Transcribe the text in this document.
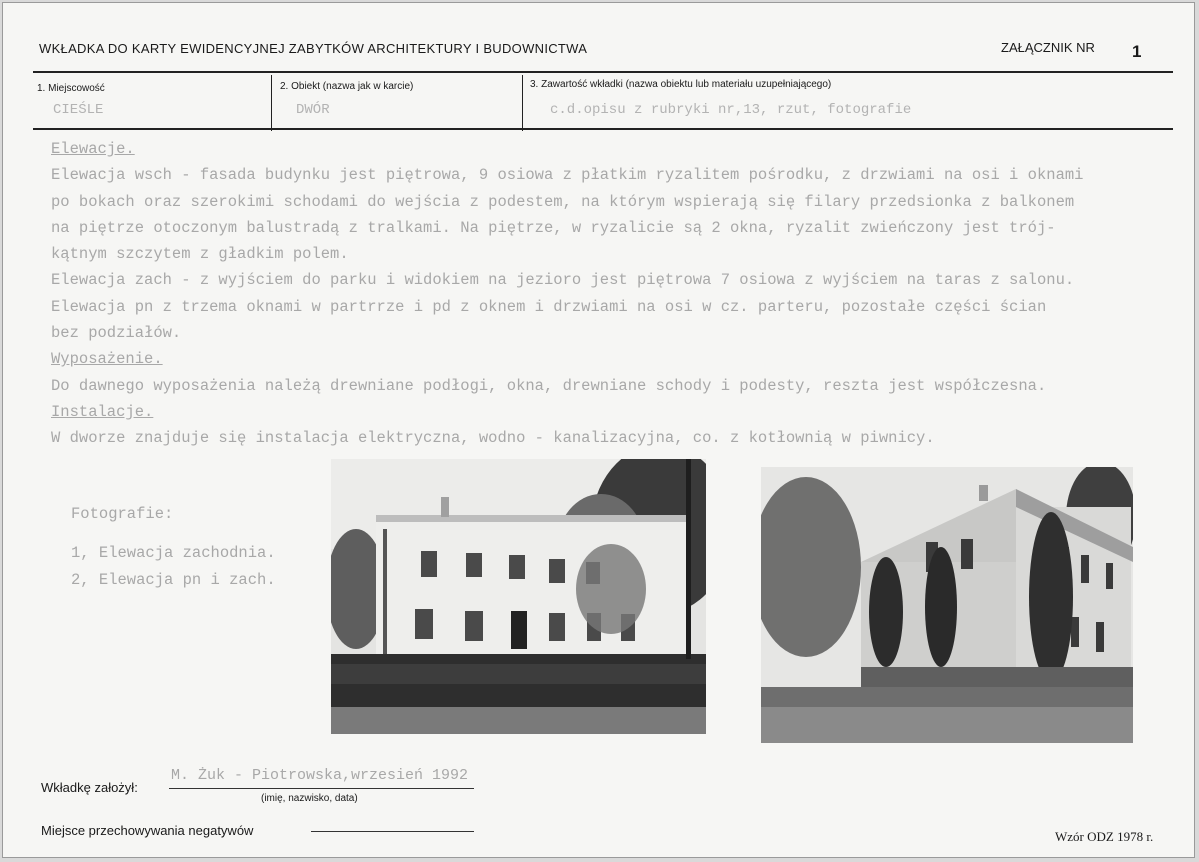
WKŁADKA DO KARTY EWIDENCYJNEJ ZABYTKÓW ARCHITEKTURY I BUDOWNICTWA	ZAŁĄCZNIK NR 1
1. Miejscowość
CIEŚLE
2. Obiekt (nazwa jak w karcie)
DWÓR
3. Zawartość wkładki (nazwa obiektu lub materiału uzupełniającego)
c.d.opisu z rubryki nr,13, rzut, fotografie
Elewacje.
Elewacja wsch - fasada budynku jest piętrowa, 9 osiowa z płatkim ryzalitem pośrodku, z drzwiami na osi i oknami
po bokach oraz szerokimi schodami do wejścia z podestem, na którym wspierają się filary przedsionka z balkonem
na piętrze otoczonym balustradą z tralkami. Na piętrze, w ryzalicie są 2 okna, ryzalit zwieńczony jest trój-
kątnym szczytem z gładkim polem.
Elewacja zach - z wyjściem do parku i widokiem na jezioro jest piętrowa 7 osiowa z wyjściem na taras z salonu.
Elewacja pn z trzema oknami w partrrze i pd z oknem i drzwiami na osi w cz. parteru, pozostałe części ścian
bez podziałów.
Wyposażenie.
Do dawnego wyposażenia należą drewniane podłogi, okna, drewniane schody i podesty, reszta jest współczesna.
Instalacje.
W dworze znajduje się instalacja elektryczna, wodno - kanalizacyjna, co. z kotłownią w piwnicy.
Fotografie:
1, Elewacja zachodnia.
2, Elewacja pn i zach.
Wkładkę założył:
M. Żuk - Piotrowska,wrzesień 1992
(imię, nazwisko, data)
Miejsce przechowywania negatywów	Wzór ODZ 1978 r.
